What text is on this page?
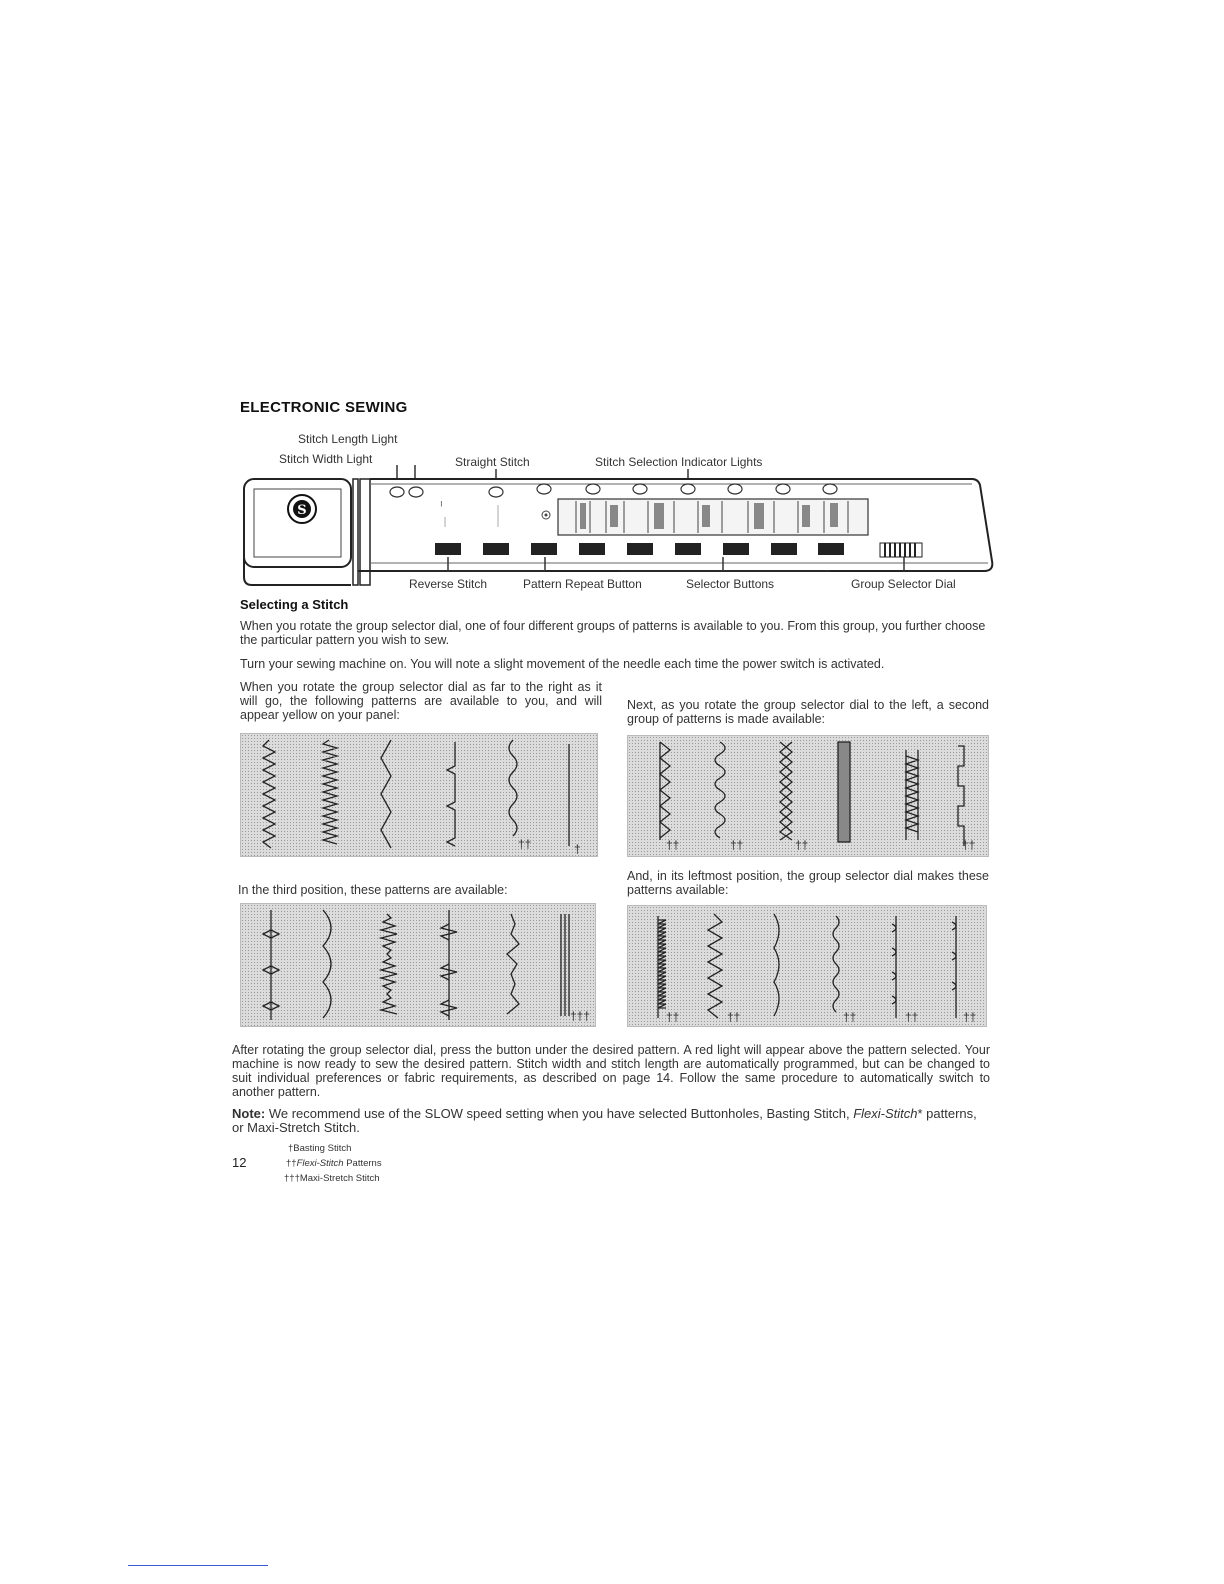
ELECTRONIC SEWING
Stitch Length Light
Stitch Width Light	Straight Stitch	Stitch Selection Indicator Lights
S	ᑊ
Reverse Stitch	Pattern Repeat Button	Selector Buttons	Group Selector Dial
Selecting a Stitch
When you rotate the group selector dial, one of four different groups of patterns is available to you. From this group, you further choose the particular pattern you wish to sew.
Turn your sewing machine on. You will note a slight movement of the needle each time the power switch is activated.
When you rotate the group selector dial as far to the right as it will go, the following patterns are available to you, and will appear yellow on your panel:
††	†
Next, as you rotate the group selector dial to the left, a second group of patterns is made available:
††	††	††	††
In the third position, these patterns are available:
†††
And, in its leftmost position, the group selector dial makes these patterns available:
††	††	††	††	††
After rotating the group selector dial, press the button under the desired pattern. A red light will appear above the pattern selected. Your machine is now ready to sew the desired pattern. Stitch width and stitch length are automatically programmed, but can be changed to suit individual preferences or fabric requirements, as described on page 14. Follow the same procedure to automatically switch to another pattern.
Note: We recommend use of the SLOW speed setting when you have selected Buttonholes, Basting Stitch, Flexi-Stitch* patterns, or Maxi-Stretch Stitch.
†Basting Stitch
††Flexi-Stitch Patterns
†††Maxi-Stretch Stitch
12
